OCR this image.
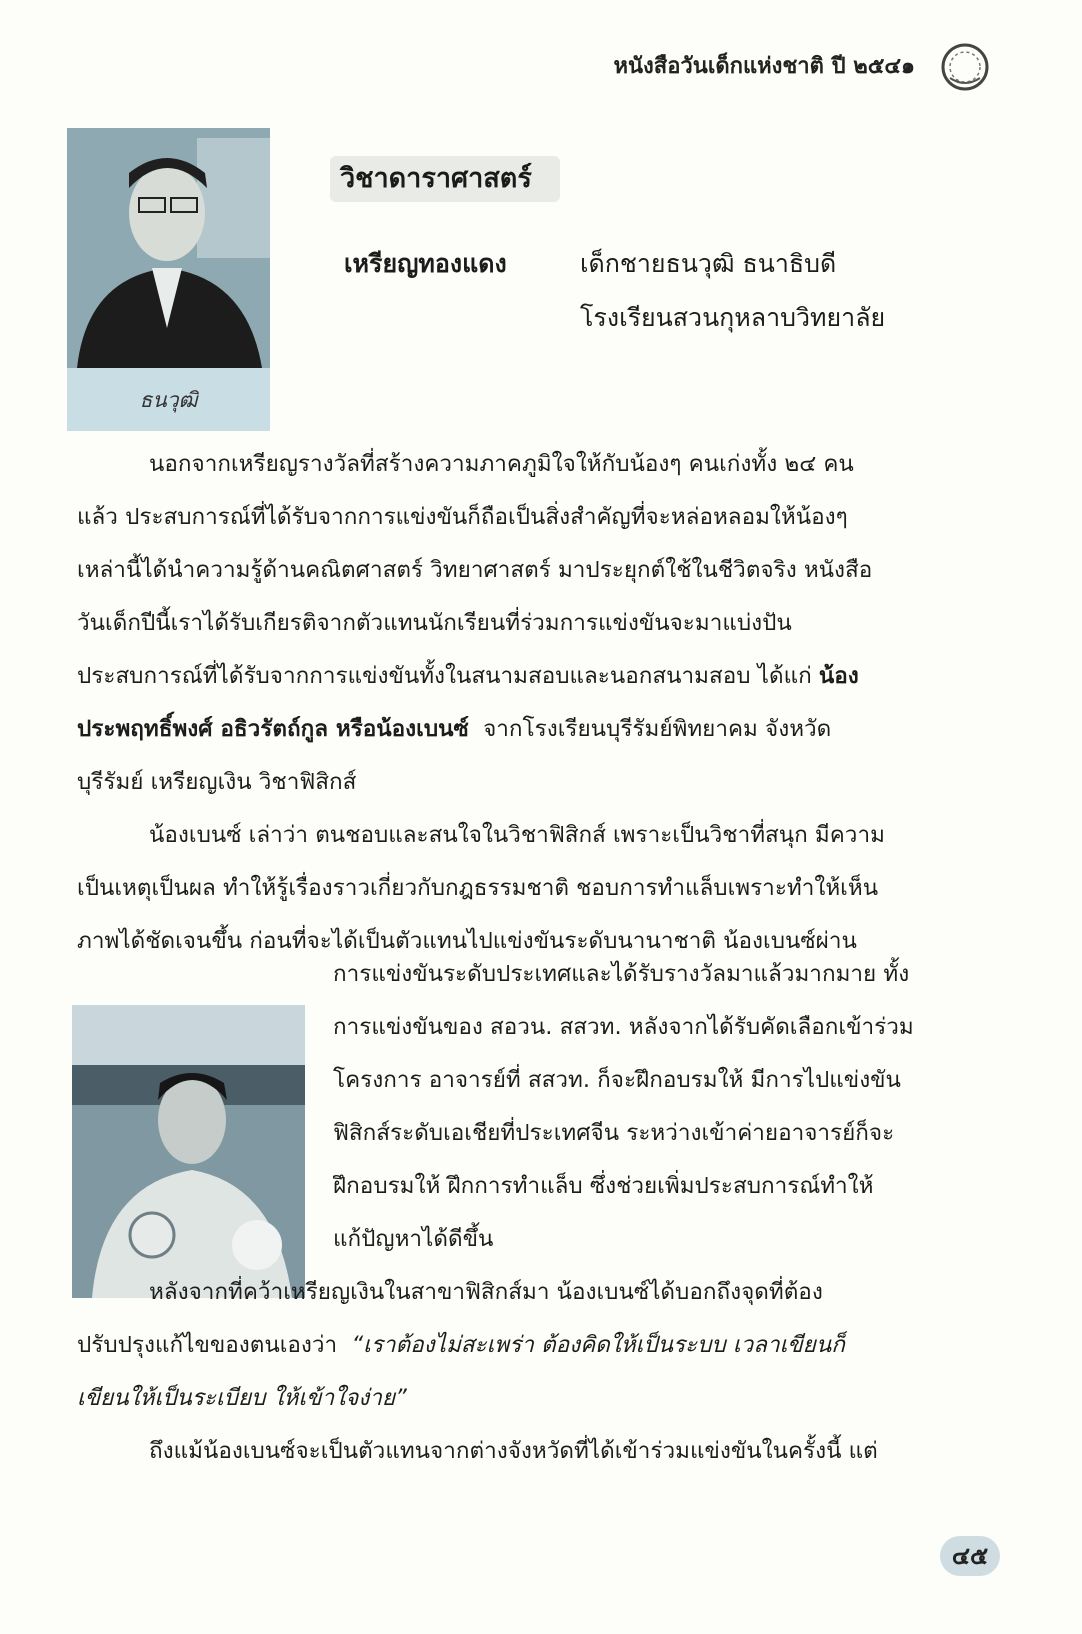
หนังสือวันเด็กแห่งชาติ ปี ๒๕๔๑
ธนวุฒิ
วิชาดาราศาสตร์
เหรียญทองแดง	เด็กชายธนวุฒิ ธนาธิบดี
โรงเรียนสวนกุหลาบวิทยาลัย
นอกจากเหรียญรางวัลที่สร้างความภาคภูมิใจให้กับน้องๆ คนเก่งทั้ง ๒๔ คน
แล้ว ประสบการณ์ที่ได้รับจากการแข่งขันก็ถือเป็นสิ่งสำคัญที่จะหล่อหลอมให้น้องๆ
เหล่านี้ได้นำความรู้ด้านคณิตศาสตร์ วิทยาศาสตร์ มาประยุกต์ใช้ในชีวิตจริง หนังสือ
วันเด็กปีนี้เราได้รับเกียรติจากตัวแทนนักเรียนที่ร่วมการแข่งขันจะมาแบ่งปัน
ประสบการณ์ที่ได้รับจากการแข่งขันทั้งในสนามสอบและนอกสนามสอบ ได้แก่ น้อง
ประพฤทธิ์พงศ์ อธิวรัตถ์กูล หรือน้องเบนซ์ จากโรงเรียนบุรีรัมย์พิทยาคม จังหวัด
บุรีรัมย์ เหรียญเงิน วิชาฟิสิกส์
น้องเบนซ์ เล่าว่า ตนชอบและสนใจในวิชาฟิสิกส์ เพราะเป็นวิชาที่สนุก มีความ
เป็นเหตุเป็นผล ทำให้รู้เรื่องราวเกี่ยวกับกฎธรรมชาติ ชอบการทำแล็บเพราะทำให้เห็น
ภาพได้ชัดเจนขึ้น ก่อนที่จะได้เป็นตัวแทนไปแข่งขันระดับนานาชาติ น้องเบนซ์ผ่าน
การแข่งขันระดับประเทศและได้รับรางวัลมาแล้วมากมาย ทั้ง
การแข่งขันของ สอวน. สสวท. หลังจากได้รับคัดเลือกเข้าร่วม
โครงการ อาจารย์ที่ สสวท. ก็จะฝึกอบรมให้ มีการไปแข่งขัน
ฟิสิกส์ระดับเอเชียที่ประเทศจีน ระหว่างเข้าค่ายอาจารย์ก็จะ
ฝึกอบรมให้ ฝึกการทำแล็บ ซึ่งช่วยเพิ่มประสบการณ์ทำให้
แก้ปัญหาได้ดีขึ้น
หลังจากที่คว้าเหรียญเงินในสาขาฟิสิกส์มา น้องเบนซ์ได้บอกถึงจุดที่ต้อง
ปรับปรุงแก้ไขของตนเองว่า “เราต้องไม่สะเพร่า ต้องคิดให้เป็นระบบ เวลาเขียนก็
เขียนให้เป็นระเบียบ ให้เข้าใจง่าย”
ถึงแม้น้องเบนซ์จะเป็นตัวแทนจากต่างจังหวัดที่ได้เข้าร่วมแข่งขันในครั้งนี้ แต่
๔๕
